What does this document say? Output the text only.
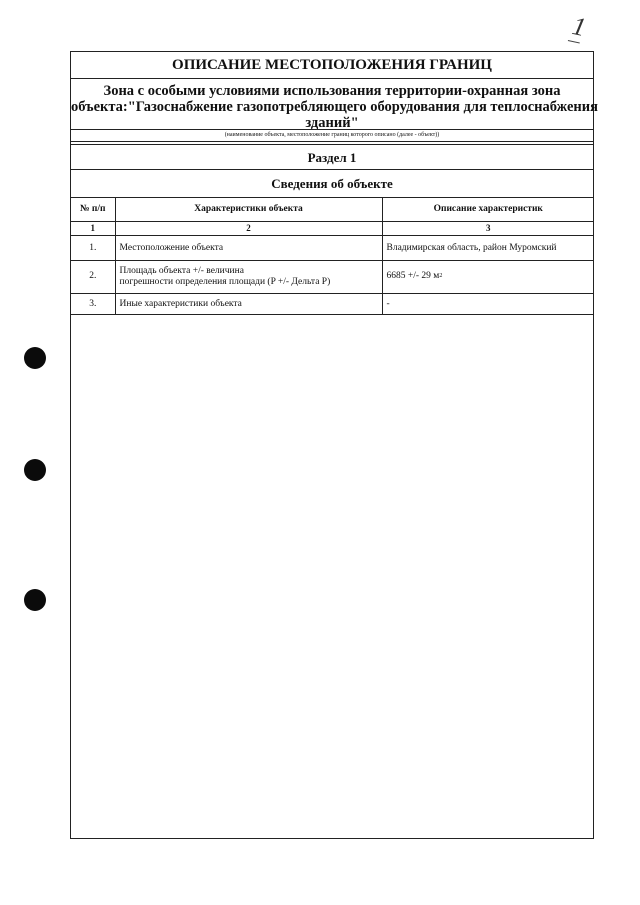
1
ОПИСАНИЕ МЕСТОПОЛОЖЕНИЯ ГРАНИЦ
Зона с особыми условиями использования территории-охранная зона
объекта:"Газоснабжение газопотребляющего оборудования для теплоснабжения
зданий"
(наименование объекта, местоположение границ которого описано (далее - объект))
Раздел 1
Сведения об объекте
№ п/п	Характеристики объекта	Описание характеристик
1	2	3
1.	Местоположение объекта	Владимирская область, район Муромский
2.	Площадь объекта +/- величина
погрешности определения площади (P +/- Дельта P)	6685 +/- 29 $м^2$
3.	Иные характеристики объекта	-
